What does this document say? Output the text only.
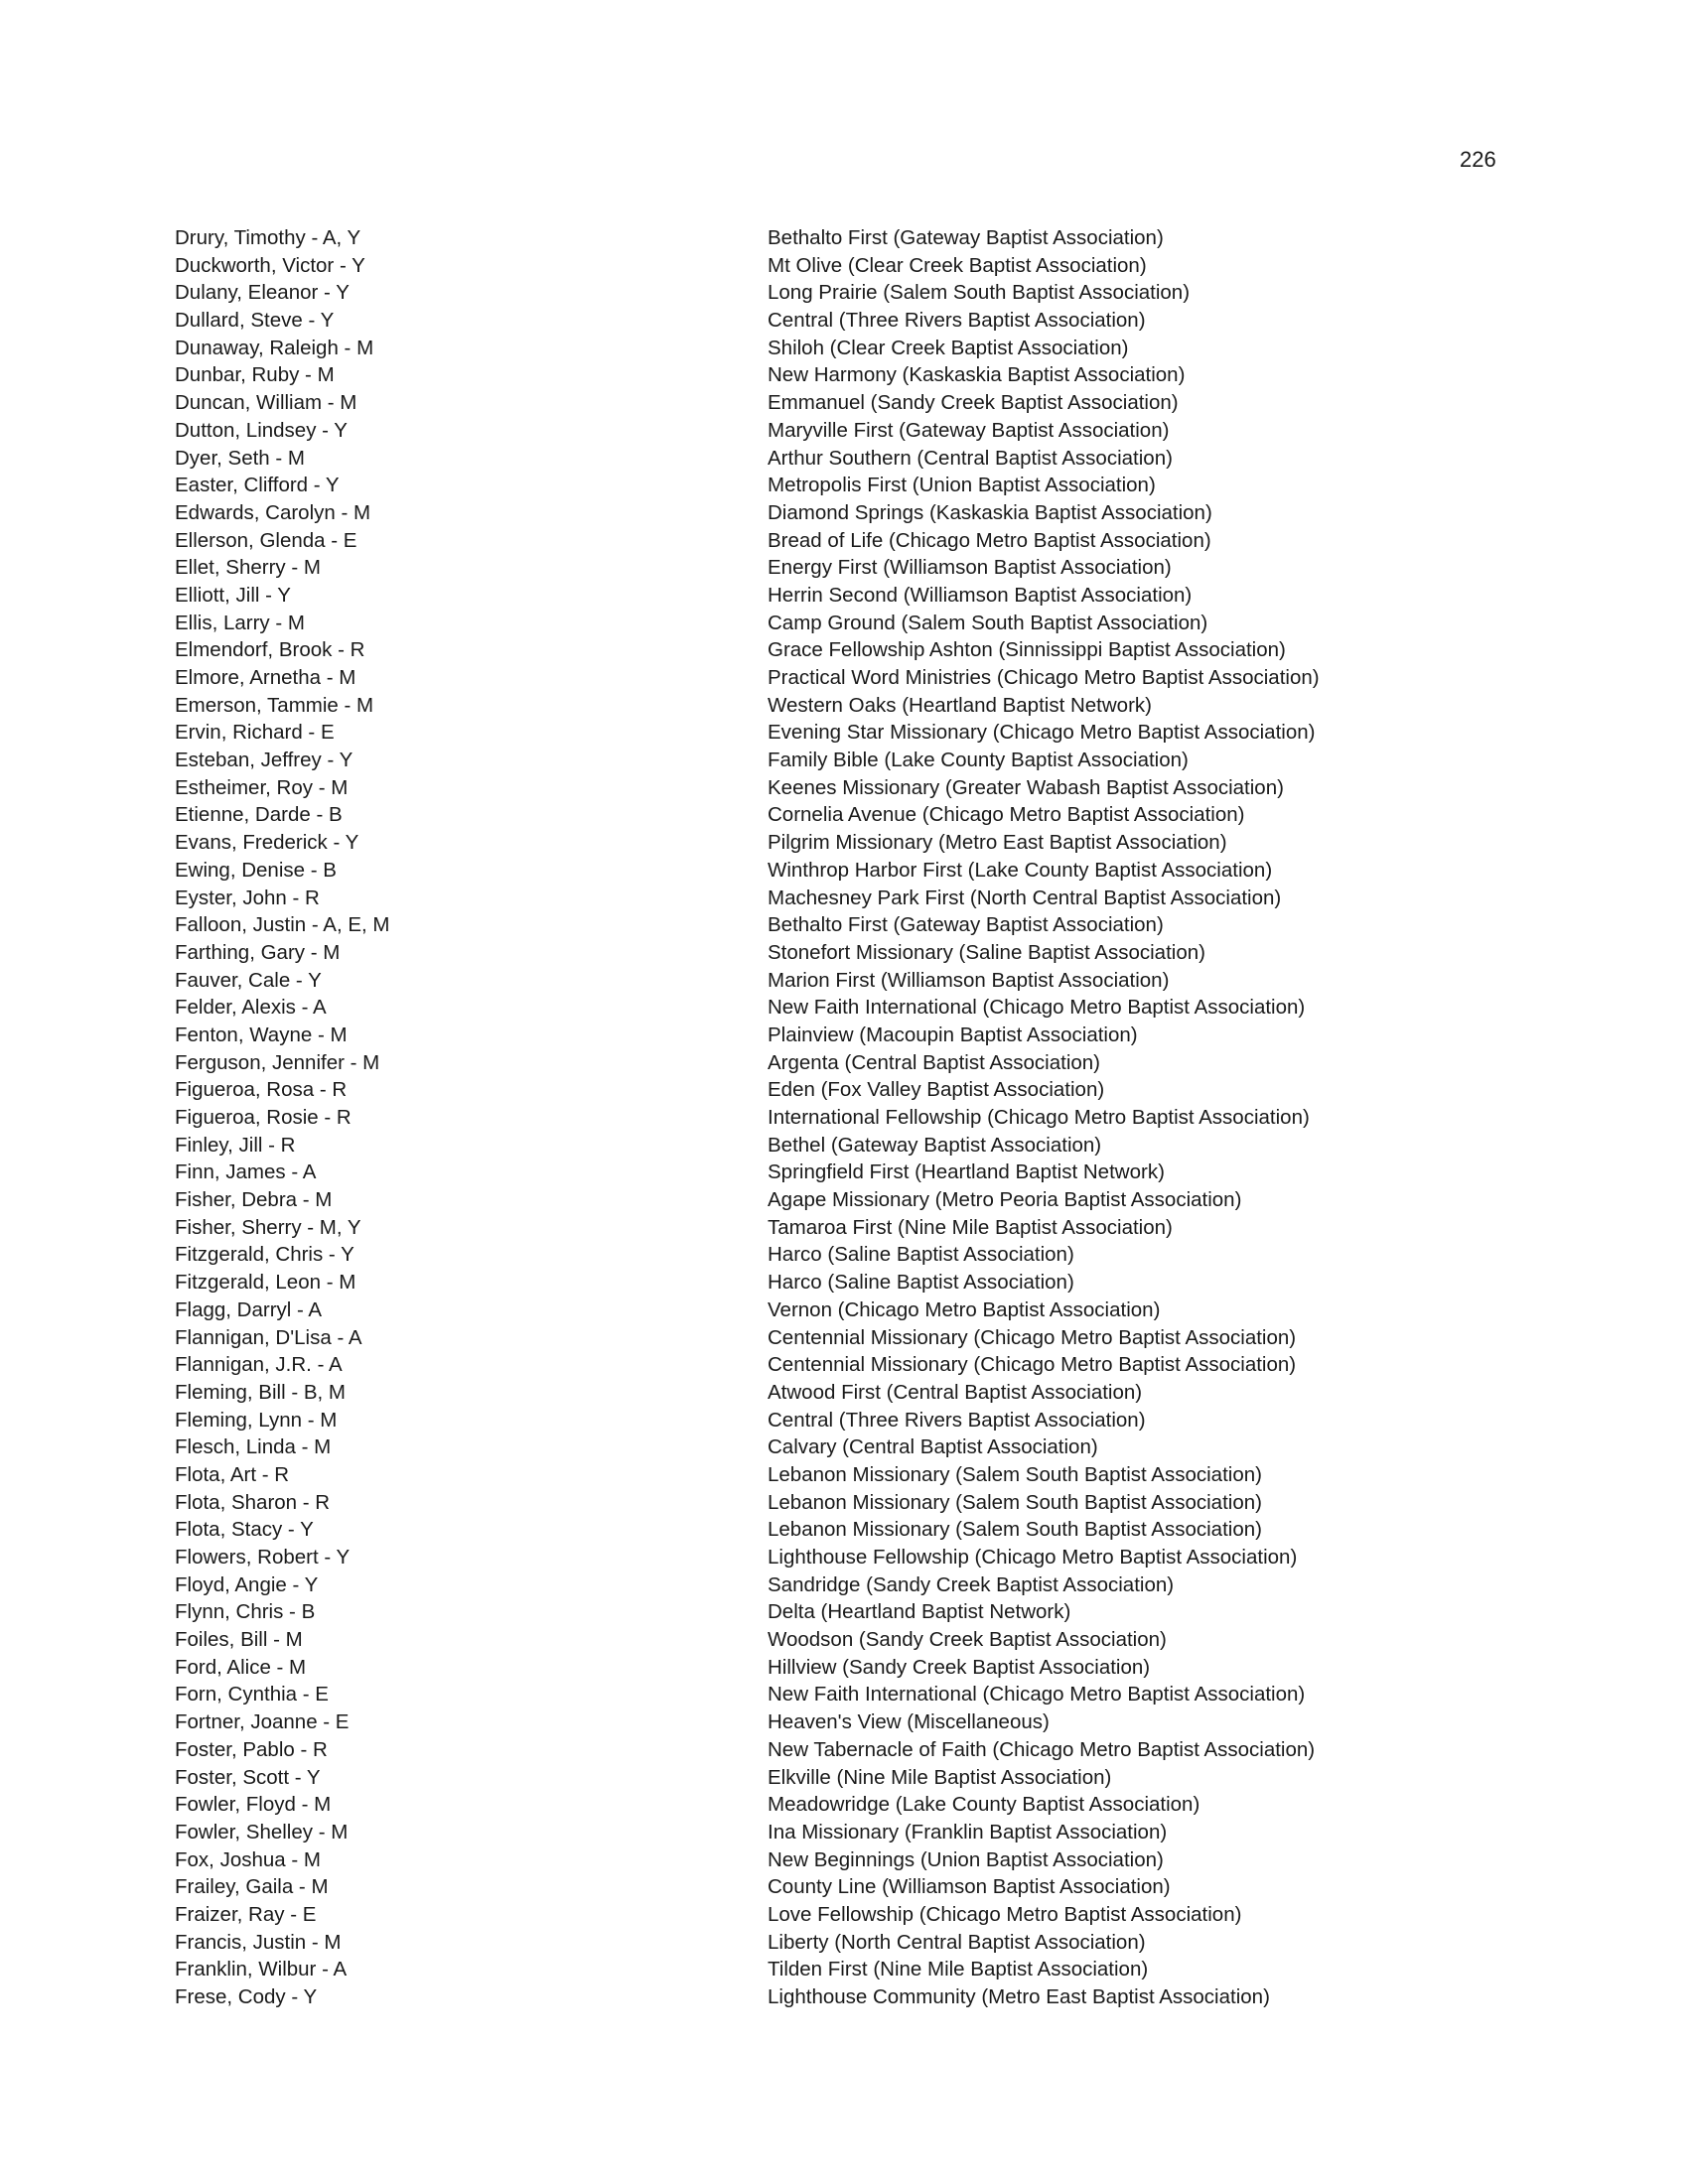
226
Drury, Timothy - A, Y	Bethalto First (Gateway Baptist Association)
Duckworth, Victor - Y	Mt Olive (Clear Creek Baptist Association)
Dulany, Eleanor - Y	Long Prairie (Salem South Baptist Association)
Dullard, Steve - Y	Central (Three Rivers Baptist Association)
Dunaway, Raleigh - M	Shiloh (Clear Creek Baptist Association)
Dunbar, Ruby - M	New Harmony (Kaskaskia Baptist Association)
Duncan, William - M	Emmanuel (Sandy Creek Baptist Association)
Dutton, Lindsey - Y	Maryville First (Gateway Baptist Association)
Dyer, Seth - M	Arthur Southern (Central Baptist Association)
Easter, Clifford - Y	Metropolis First (Union Baptist Association)
Edwards, Carolyn - M	Diamond Springs (Kaskaskia Baptist Association)
Ellerson, Glenda - E	Bread of Life (Chicago Metro Baptist Association)
Ellet, Sherry - M	Energy First (Williamson Baptist Association)
Elliott, Jill - Y	Herrin Second (Williamson Baptist Association)
Ellis, Larry - M	Camp Ground (Salem South Baptist Association)
Elmendorf, Brook - R	Grace Fellowship Ashton (Sinnissippi Baptist Association)
Elmore, Arnetha - M	Practical Word Ministries (Chicago Metro Baptist Association)
Emerson, Tammie - M	Western Oaks (Heartland Baptist Network)
Ervin, Richard - E	Evening Star Missionary (Chicago Metro Baptist Association)
Esteban, Jeffrey - Y	Family Bible (Lake County Baptist Association)
Estheimer, Roy - M	Keenes Missionary (Greater Wabash Baptist Association)
Etienne, Darde - B	Cornelia Avenue (Chicago Metro Baptist Association)
Evans, Frederick - Y	Pilgrim Missionary (Metro East Baptist Association)
Ewing, Denise - B	Winthrop Harbor First (Lake County Baptist Association)
Eyster, John - R	Machesney Park First (North Central Baptist Association)
Falloon, Justin - A, E, M	Bethalto First (Gateway Baptist Association)
Farthing, Gary - M	Stonefort Missionary (Saline Baptist Association)
Fauver, Cale - Y	Marion First (Williamson Baptist Association)
Felder, Alexis - A	New Faith International (Chicago Metro Baptist Association)
Fenton, Wayne - M	Plainview (Macoupin Baptist Association)
Ferguson, Jennifer - M	Argenta (Central Baptist Association)
Figueroa, Rosa - R	Eden (Fox Valley Baptist Association)
Figueroa, Rosie - R	International Fellowship (Chicago Metro Baptist Association)
Finley, Jill - R	Bethel (Gateway Baptist Association)
Finn, James - A	Springfield First (Heartland Baptist Network)
Fisher, Debra - M	Agape Missionary (Metro Peoria Baptist Association)
Fisher, Sherry - M, Y	Tamaroa First (Nine Mile Baptist Association)
Fitzgerald, Chris - Y	Harco (Saline Baptist Association)
Fitzgerald, Leon - M	Harco (Saline Baptist Association)
Flagg, Darryl - A	Vernon (Chicago Metro Baptist Association)
Flannigan, D'Lisa - A	Centennial Missionary (Chicago Metro Baptist Association)
Flannigan, J.R. - A	Centennial Missionary (Chicago Metro Baptist Association)
Fleming, Bill - B, M	Atwood First (Central Baptist Association)
Fleming, Lynn - M	Central (Three Rivers Baptist Association)
Flesch, Linda - M	Calvary (Central Baptist Association)
Flota, Art - R	Lebanon Missionary (Salem South Baptist Association)
Flota, Sharon - R	Lebanon Missionary (Salem South Baptist Association)
Flota, Stacy - Y	Lebanon Missionary (Salem South Baptist Association)
Flowers, Robert - Y	Lighthouse Fellowship (Chicago Metro Baptist Association)
Floyd, Angie - Y	Sandridge (Sandy Creek Baptist Association)
Flynn, Chris - B	Delta (Heartland Baptist Network)
Foiles, Bill - M	Woodson (Sandy Creek Baptist Association)
Ford, Alice - M	Hillview (Sandy Creek Baptist Association)
Forn, Cynthia - E	New Faith International (Chicago Metro Baptist Association)
Fortner, Joanne - E	Heaven's View (Miscellaneous)
Foster, Pablo - R	New Tabernacle of Faith (Chicago Metro Baptist Association)
Foster, Scott - Y	Elkville (Nine Mile Baptist Association)
Fowler, Floyd - M	Meadowridge (Lake County Baptist Association)
Fowler, Shelley - M	Ina Missionary (Franklin Baptist Association)
Fox, Joshua - M	New Beginnings (Union Baptist Association)
Frailey, Gaila - M	County Line (Williamson Baptist Association)
Fraizer, Ray - E	Love Fellowship (Chicago Metro Baptist Association)
Francis, Justin - M	Liberty (North Central Baptist Association)
Franklin, Wilbur - A	Tilden First (Nine Mile Baptist Association)
Frese, Cody - Y	Lighthouse Community (Metro East Baptist Association)
